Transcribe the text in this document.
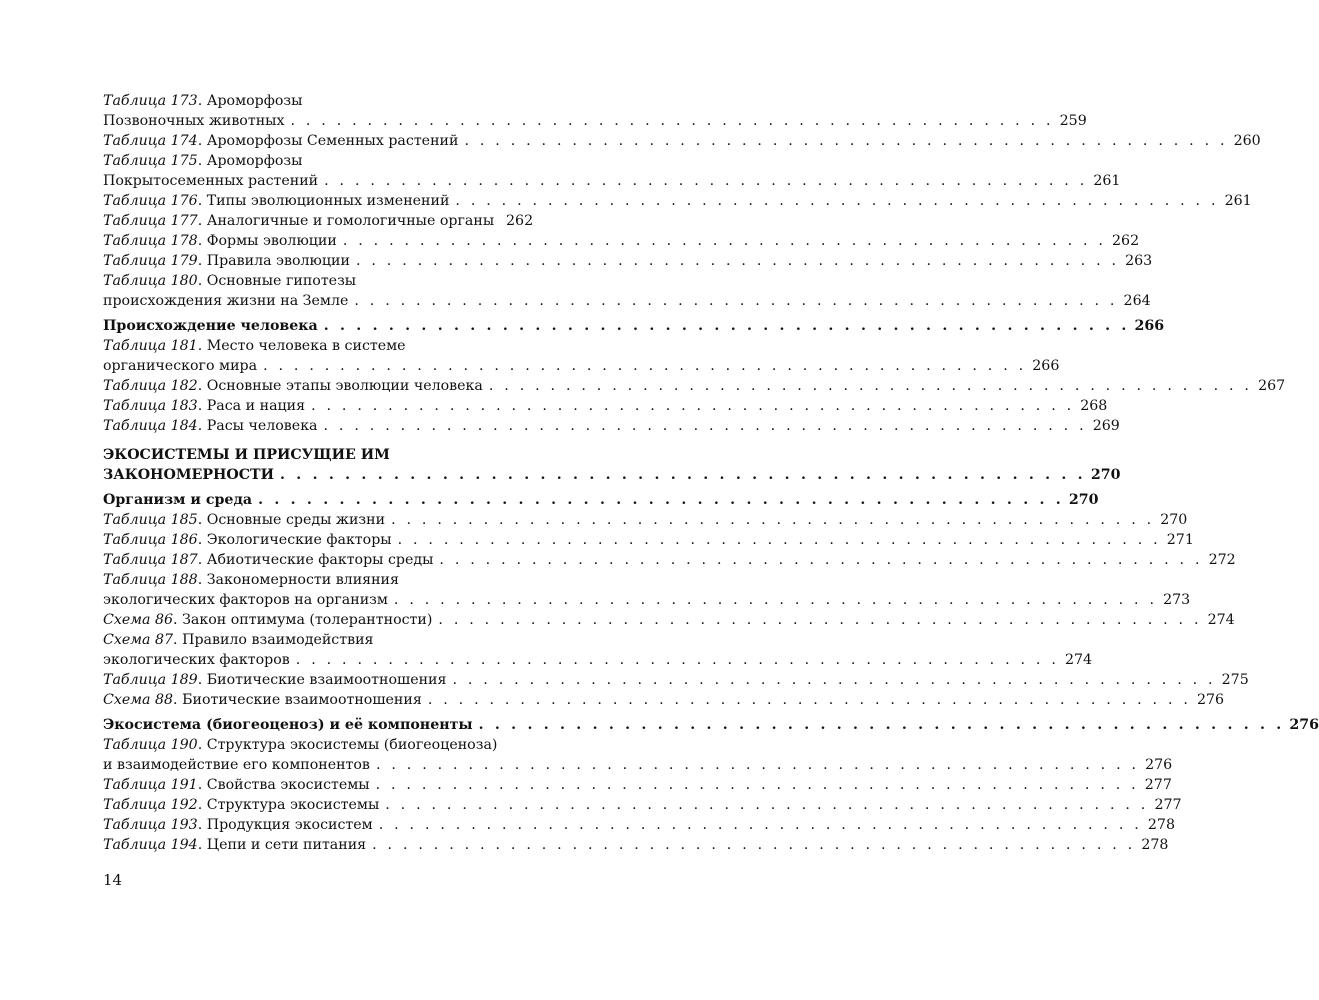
Таблица 173. Ароморфозы
Позвоночных животных . . . . . . . . . . . . . . . . . . . . . . . . . . . . . . . . . . . . . . . . . . . . . . . . . . 259
Таблица 174. Ароморфозы Семенных растений . . . . . . . . . . . . . . . . . . . . . . . . . . . . . . . . . . . . . . . . . . . . . . . . . . 260
Таблица 175. Ароморфозы
Покрытосеменных растений . . . . . . . . . . . . . . . . . . . . . . . . . . . . . . . . . . . . . . . . . . . . . . . . . . 261
Таблица 176. Типы эволюционных изменений . . . . . . . . . . . . . . . . . . . . . . . . . . . . . . . . . . . . . . . . . . . . . . . . . . 261
Таблица 177. Аналогичные и гомологичные органы 262
Таблица 178. Формы эволюции . . . . . . . . . . . . . . . . . . . . . . . . . . . . . . . . . . . . . . . . . . . . . . . . . . 262
Таблица 179. Правила эволюции . . . . . . . . . . . . . . . . . . . . . . . . . . . . . . . . . . . . . . . . . . . . . . . . . . 263
Таблица 180. Основные гипотезы
происхождения жизни на Земле . . . . . . . . . . . . . . . . . . . . . . . . . . . . . . . . . . . . . . . . . . . . . . . . . . 264
Происхождение человека . . . . . . . . . . . . . . . . . . . . . . . . . . . . . . . . . . . . . . . . . . . . . . . . . . 266
Таблица 181. Место человека в системе
органического мира . . . . . . . . . . . . . . . . . . . . . . . . . . . . . . . . . . . . . . . . . . . . . . . . . . 266
Таблица 182. Основные этапы эволюции человека . . . . . . . . . . . . . . . . . . . . . . . . . . . . . . . . . . . . . . . . . . . . . . . . . . 267
Таблица 183. Раса и нация . . . . . . . . . . . . . . . . . . . . . . . . . . . . . . . . . . . . . . . . . . . . . . . . . . 268
Таблица 184. Расы человека . . . . . . . . . . . . . . . . . . . . . . . . . . . . . . . . . . . . . . . . . . . . . . . . . . 269
ЭКОСИСТЕМЫ И ПРИСУЩИЕ ИМ
ЗАКОНОМЕРНОСТИ . . . . . . . . . . . . . . . . . . . . . . . . . . . . . . . . . . . . . . . . . . . . . . . . . . 270
Организм и среда . . . . . . . . . . . . . . . . . . . . . . . . . . . . . . . . . . . . . . . . . . . . . . . . . . 270
Таблица 185. Основные среды жизни . . . . . . . . . . . . . . . . . . . . . . . . . . . . . . . . . . . . . . . . . . . . . . . . . . 270
Таблица 186. Экологические факторы . . . . . . . . . . . . . . . . . . . . . . . . . . . . . . . . . . . . . . . . . . . . . . . . . . 271
Таблица 187. Абиотические факторы среды . . . . . . . . . . . . . . . . . . . . . . . . . . . . . . . . . . . . . . . . . . . . . . . . . . 272
Таблица 188. Закономерности влияния
экологических факторов на организм . . . . . . . . . . . . . . . . . . . . . . . . . . . . . . . . . . . . . . . . . . . . . . . . . . 273
Схема 86. Закон оптимума (толерантности) . . . . . . . . . . . . . . . . . . . . . . . . . . . . . . . . . . . . . . . . . . . . . . . . . . 274
Схема 87. Правило взаимодействия
экологических факторов . . . . . . . . . . . . . . . . . . . . . . . . . . . . . . . . . . . . . . . . . . . . . . . . . . 274
Таблица 189. Биотические взаимоотношения . . . . . . . . . . . . . . . . . . . . . . . . . . . . . . . . . . . . . . . . . . . . . . . . . . 275
Схема 88. Биотические взаимоотношения . . . . . . . . . . . . . . . . . . . . . . . . . . . . . . . . . . . . . . . . . . . . . . . . . . 276
Экосистема (биогеоценоз) и её компоненты . . . . . . . . . . . . . . . . . . . . . . . . . . . . . . . . . . . . . . . . . . . . . . . . . . 276
Таблица 190. Структура экосистемы (биогеоценоза)
и взаимодействие его компонентов . . . . . . . . . . . . . . . . . . . . . . . . . . . . . . . . . . . . . . . . . . . . . . . . . . 276
Таблица 191. Свойства экосистемы . . . . . . . . . . . . . . . . . . . . . . . . . . . . . . . . . . . . . . . . . . . . . . . . . . 277
Таблица 192. Структура экосистемы . . . . . . . . . . . . . . . . . . . . . . . . . . . . . . . . . . . . . . . . . . . . . . . . . . 277
Таблица 193. Продукция экосистем . . . . . . . . . . . . . . . . . . . . . . . . . . . . . . . . . . . . . . . . . . . . . . . . . . 278
Таблица 194. Цепи и сети питания . . . . . . . . . . . . . . . . . . . . . . . . . . . . . . . . . . . . . . . . . . . . . . . . . . 278
14
